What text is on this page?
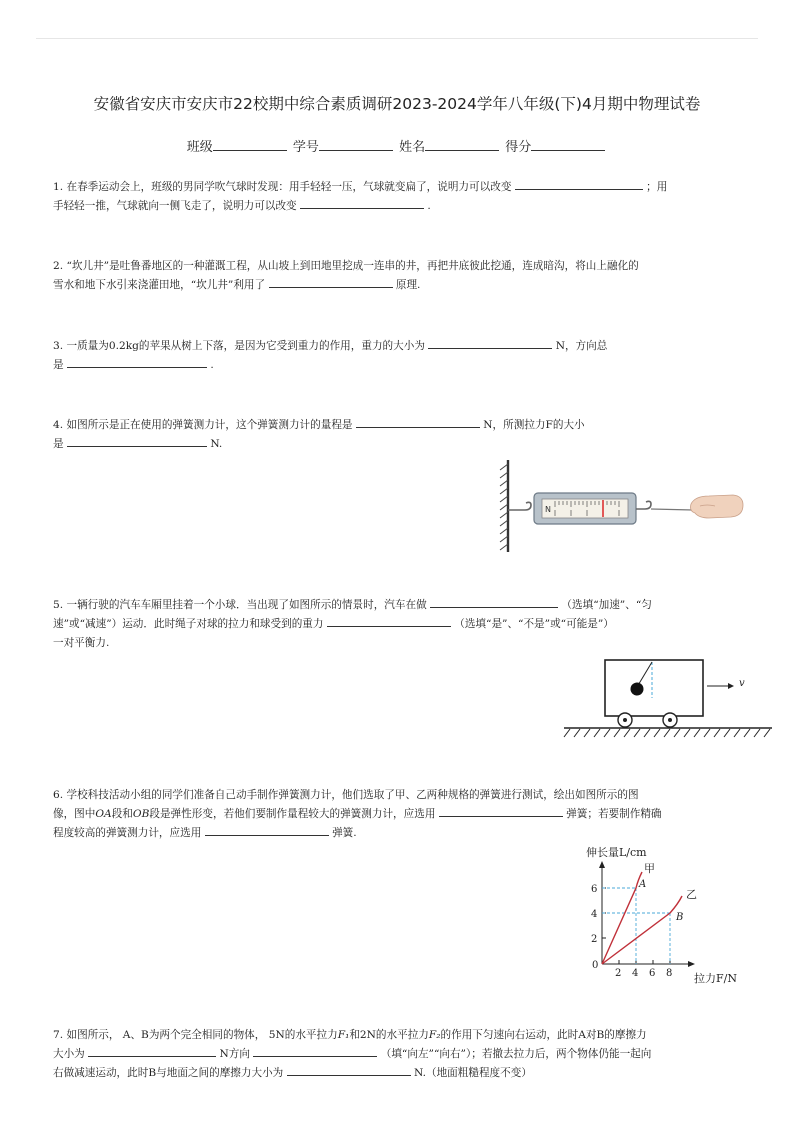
安徽省安庆市安庆市22校期中综合素质调研2023-2024学年八年级(下)4月期中物理试卷
班级	学号	姓名	得分
1. 在春季运动会上，班级的男同学吹气球时发现：用手轻轻一压，气球就变扁了，说明力可以改变	；用
手轻轻一推，气球就向一侧飞走了，说明力可以改变	.
2. “坎儿井”是吐鲁番地区的一种灌溉工程，从山坡上到田地里挖成一连串的井，再把井底彼此挖通，连成暗沟，将山上融化的
雪水和地下水引来浇灌田地，“坎儿井”利用了	原理.
3. 一质量为0.2kg的苹果从树上下落，是因为它受到重力的作用，重力的大小为	N，方向总
是	.
4. 如图所示是正在使用的弹簧测力计，这个弹簧测力计的量程是	N，所测拉力F的大小
是	N.
N
5. 一辆行驶的汽车车厢里挂着一个小球．当出现了如图所示的情景时，汽车在做	（选填“加速”、“匀
速”或“减速”）运动．此时绳子对球的拉力和球受到的重力	（选填“是”、“不是”或“可能是”）
一对平衡力.
v
6. 学校科技活动小组的同学们准备自己动手制作弹簧测力计，他们选取了甲、乙两种规格的弹簧进行测试，绘出如图所示的图
像，图中OA段和OB段是弹性形变，若他们要制作量程较大的弹簧测力计，应选用	弹簧；若要制作精确
程度较高的弹簧测力计，应选用	弹簧.
伸长量L/cm
拉力F/N
0
2 4 6 8
2
4
6
甲
乙
A
B
7. 如图所示， A、B为两个完全相同的物体， 5N的水平拉力F₁和2N的水平拉力F₂的作用下匀速向右运动，此时A对B的摩擦力
大小为	N方向	（填“向左”“向右”）；若撤去拉力后，两个物体仍能一起向
右做减速运动，此时B与地面之间的摩擦力大小为	N.（地面粗糙程度不变）
